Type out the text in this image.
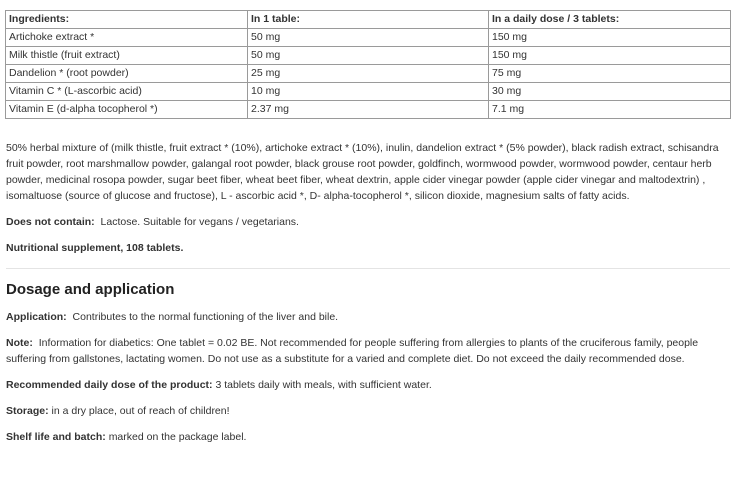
Ingredients:	In 1 table:	In a daily dose / 3 tablets:
Artichoke extract *	50 mg	150 mg
Milk thistle (fruit extract)	50 mg	150 mg
Dandelion * (root powder)	25 mg	75 mg
Vitamin C * (L-ascorbic acid)	10 mg	30 mg
Vitamin E (d-alpha tocopherol *)	2.37 mg	7.1 mg

50% herbal mixture of (milk thistle, fruit extract * (10%), artichoke extract * (10%), inulin, dandelion extract * (5% powder), black radish extract, schisandra fruit powder, root marshmallow powder, galangal root powder, black grouse root powder, goldfinch, wormwood powder, wormwood powder, centaur herb powder, medicinal rosopa powder, sugar beet fiber, wheat beet fiber, wheat dextrin, apple cider vinegar powder (apple cider vinegar and maltodextrin) , isomaltuose (source of glucose and fructose), L - ascorbic acid *, D- alpha-tocopherol *, silicon dioxide, magnesium salts of fatty acids.

Does not contain: Lactose. Suitable for vegans / vegetarians.

Nutritional supplement, 108 tablets.

Dosage and application

Application: Contributes to the normal functioning of the liver and bile.

Note: Information for diabetics: One tablet = 0.02 BE. Not recommended for people suffering from allergies to plants of the cruciferous family, people suffering from gallstones, lactating women. Do not use as a substitute for a varied and complete diet. Do not exceed the daily recommended dose.

Recommended daily dose of the product: 3 tablets daily with meals, with sufficient water.

Storage: in a dry place, out of reach of children!

Shelf life and batch: marked on the package label.
